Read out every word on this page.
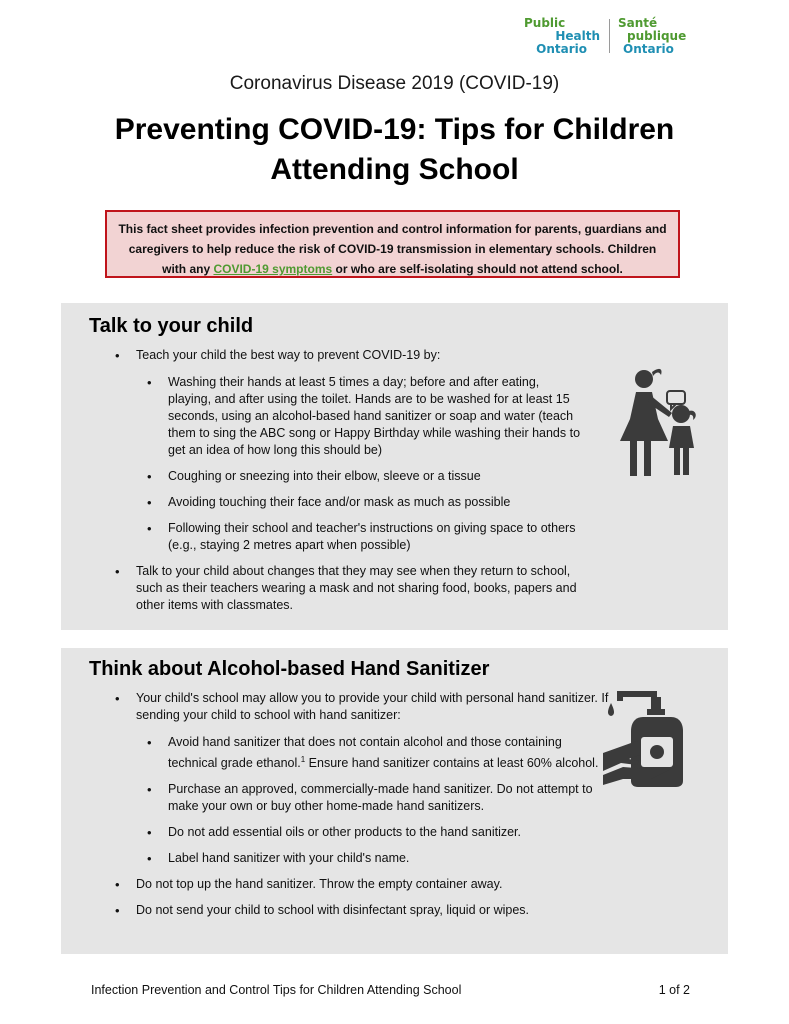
Public
Health
Ontario
Santé
publique
Ontario
Coronavirus Disease 2019 (COVID-19)
Preventing COVID-19: Tips for Children Attending School
This fact sheet provides infection prevention and control information for parents, guardians and caregivers to help reduce the risk of COVID-19 transmission in elementary schools. Children with any COVID-19 symptoms or who are self-isolating should not attend school.
Talk to your child
• Teach your child the best way to prevent COVID-19 by:
• Washing their hands at least 5 times a day; before and after eating, playing, and after using the toilet. Hands are to be washed for at least 15 seconds, using an alcohol-based hand sanitizer or soap and water (teach them to sing the ABC song or Happy Birthday while washing their hands to get an idea of how long this should be)
• Coughing or sneezing into their elbow, sleeve or a tissue
• Avoiding touching their face and/or mask as much as possible
• Following their school and teacher's instructions on giving space to others (e.g., staying 2 metres apart when possible)
• Talk to your child about changes that they may see when they return to school, such as their teachers wearing a mask and not sharing food, books, papers and other items with classmates.
Think about Alcohol-based Hand Sanitizer
• Your child's school may allow you to provide your child with personal hand sanitizer. If sending your child to school with hand sanitizer:
• Avoid hand sanitizer that does not contain alcohol and those containing technical grade ethanol.$^1$ Ensure hand sanitizer contains at least 60% alcohol.
• Purchase an approved, commercially-made hand sanitizer. Do not attempt to make your own or buy other home-made hand sanitizers.
• Do not add essential oils or other products to the hand sanitizer.
• Label hand sanitizer with your child's name.
• Do not top up the hand sanitizer. Throw the empty container away.
• Do not send your child to school with disinfectant spray, liquid or wipes.
Infection Prevention and Control Tips for Children Attending School	1 of 2
